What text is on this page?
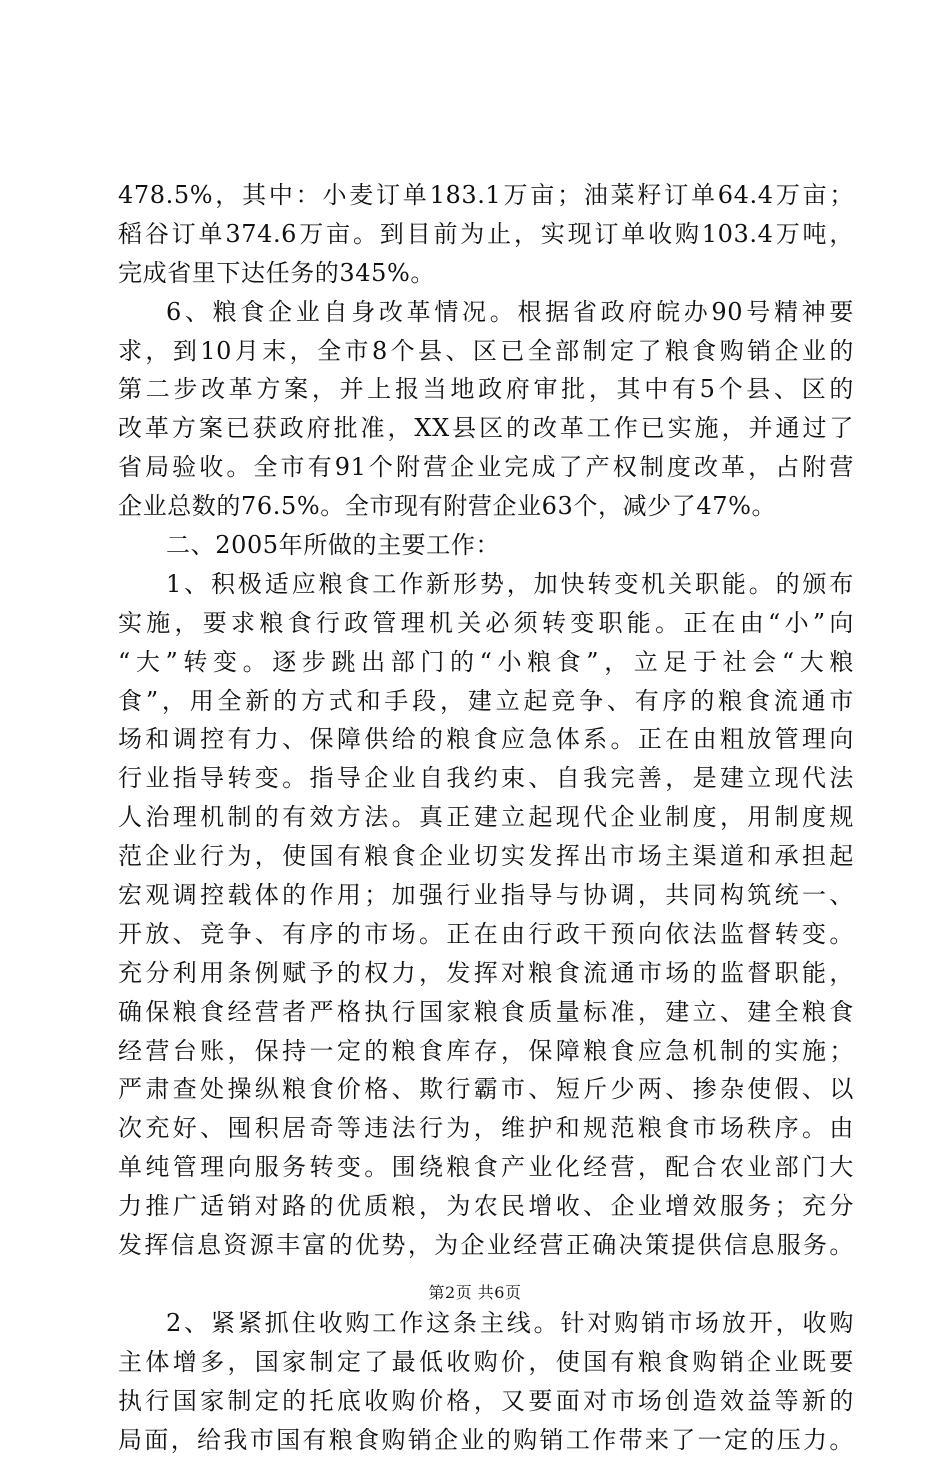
478.5%，其中：小麦订单183.1万亩；油菜籽订单64.4万亩；
稻谷订单374.6万亩。到目前为止，实现订单收购103.4万吨，
完成省里下达任务的345%。
6、粮食企业自身改革情况。根据省政府皖办90号精神要
求，到10月末，全市8个县、区已全部制定了粮食购销企业的
第二步改革方案，并上报当地政府审批，其中有5个县、区的
改革方案已获政府批准，XX县区的改革工作已实施，并通过了
省局验收。全市有91个附营企业完成了产权制度改革，占附营
企业总数的76.5%。全市现有附营企业63个，减少了47%。
二、2005年所做的主要工作：
1、积极适应粮食工作新形势，加快转变机关职能。的颁布
实施，要求粮食行政管理机关必须转变职能。正在由“小”向
“大”转变。逐步跳出部门的“小粮食”，立足于社会“大粮
食”，用全新的方式和手段，建立起竞争、有序的粮食流通市
场和调控有力、保障供给的粮食应急体系。正在由粗放管理向
行业指导转变。指导企业自我约束、自我完善，是建立现代法
人治理机制的有效方法。真正建立起现代企业制度，用制度规
范企业行为，使国有粮食企业切实发挥出市场主渠道和承担起
宏观调控载体的作用；加强行业指导与协调，共同构筑统一、
开放、竞争、有序的市场。正在由行政干预向依法监督转变。
充分利用条例赋予的权力，发挥对粮食流通市场的监督职能，
确保粮食经营者严格执行国家粮食质量标准，建立、建全粮食
经营台账，保持一定的粮食库存，保障粮食应急机制的实施；
严肃查处操纵粮食价格、欺行霸市、短斤少两、掺杂使假、以
次充好、囤积居奇等违法行为，维护和规范粮食市场秩序。由
单纯管理向服务转变。围绕粮食产业化经营，配合农业部门大
力推广适销对路的优质粮，为农民增收、企业增效服务；充分
发挥信息资源丰富的优势，为企业经营正确决策提供信息服务。
2、紧紧抓住收购工作这条主线。针对购销市场放开，收购
主体增多，国家制定了最低收购价，使国有粮食购销企业既要
执行国家制定的托底收购价格，又要面对市场创造效益等新的
局面，给我市国有粮食购销企业的购销工作带来了一定的压力。
第2页 共6页
